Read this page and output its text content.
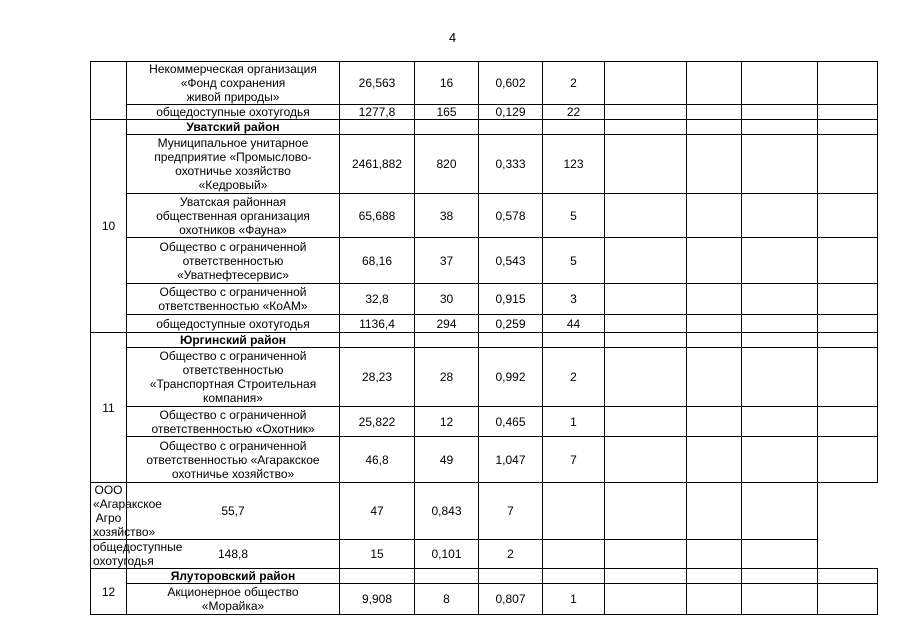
4
	Некоммерческая организация
«Фонд сохранения
живой природы»	26,563	16	0,602	2				
	общедоступные охотугодья	1277,8	165	0,129	22				
10	Уватский район								
	Муниципальное унитарное
предприятие «Промыслово-
охотничье хозяйство
«Кедровый»	2461,882	820	0,333	123				
	Уватская районная
общественная организация
охотников «Фауна»	65,688	38	0,578	5				
	Общество с ограниченной
ответственностью
«Уватнефтесервис»	68,16	37	0,543	5				
	Общество с ограниченной
ответственностью «КоАМ»	32,8	30	0,915	3				
	общедоступные охотугодья	1136,4	294	0,259	44				
11	Юргинский район								
	Общество с ограниченной
ответственностью
«Транспортная Строительная
компания»	28,23	28	0,992	2				
	Общество с ограниченной
ответственностью «Охотник»	25,822	12	0,465	1				
	Общество с ограниченной
ответственностью «Агаракское
охотничье хозяйство»	46,8	49	1,047	7				
ООО «Агаракское
Агро хозяйство»	55,7	47	0,843	7					
общедоступные охотугодья	148,8	15	0,101	2					
12	Ялуторовский район								
	Акционерное общество
«Морайка»	9,908	8	0,807	1				
